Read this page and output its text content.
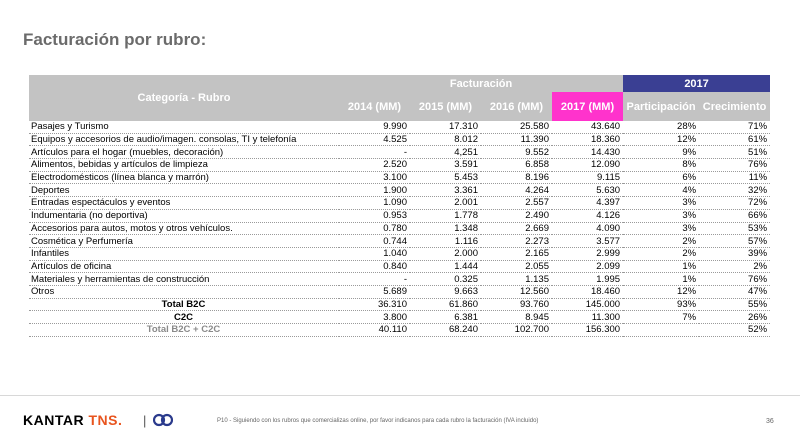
Facturación por rubro:
Categoría - Rubro	Facturación				2017	
	2014 (MM)	2015 (MM)	2016 (MM)	2017 (MM)	Participación	Crecimiento
Pasajes y Turismo	9.990	17.310	25.580	43.640	28%	71%
Equipos y accesorios de audio/imagen. consolas, TI y telefonía	4.525	8.012	11.390	18.360	12%	61%
Artículos para el hogar (muebles, decoración)	-	4,251	9.552	14.430	9%	51%
Alimentos, bebidas y artículos de limpieza	2.520	3.591	6.858	12.090	8%	76%
Electrodomésticos (línea blanca y marrón)	3.100	5.453	8.196	9.115	6%	11%
Deportes	1.900	3.361	4.264	5.630	4%	32%
Entradas espectáculos y eventos	1.090	2.001	2.557	4.397	3%	72%
Indumentaria (no deportiva)	0.953	1.778	2.490	4.126	3%	66%
Accesorios para autos, motos y otros vehículos.	0.780	1.348	2.669	4.090	3%	53%
Cosmética y Perfumería	0.744	1.116	2.273	3.577	2%	57%
Infantiles	1.040	2.000	2.165	2.999	2%	39%
Artículos de oficina	0.840	1.444	2.055	2.099	1%	2%
Materiales y herramientas de construcción	-	0.325	1.135	1.995	1%	76%
Otros	5.689	9.663	12.560	18.460	12%	47%
Total B2C	36.310	61.860	93.760	145.000	93%	55%
C2C	3.800	6.381	8.945	11.300	7%	26%
Total B2C + C2C	40.110	68.240	102.700	156.300		52%
KANTAR TNS. |	P10 - Siguiendo con los rubros que comercializas online, por favor indicanos para cada rubro la facturación (IVA incluido)	36
